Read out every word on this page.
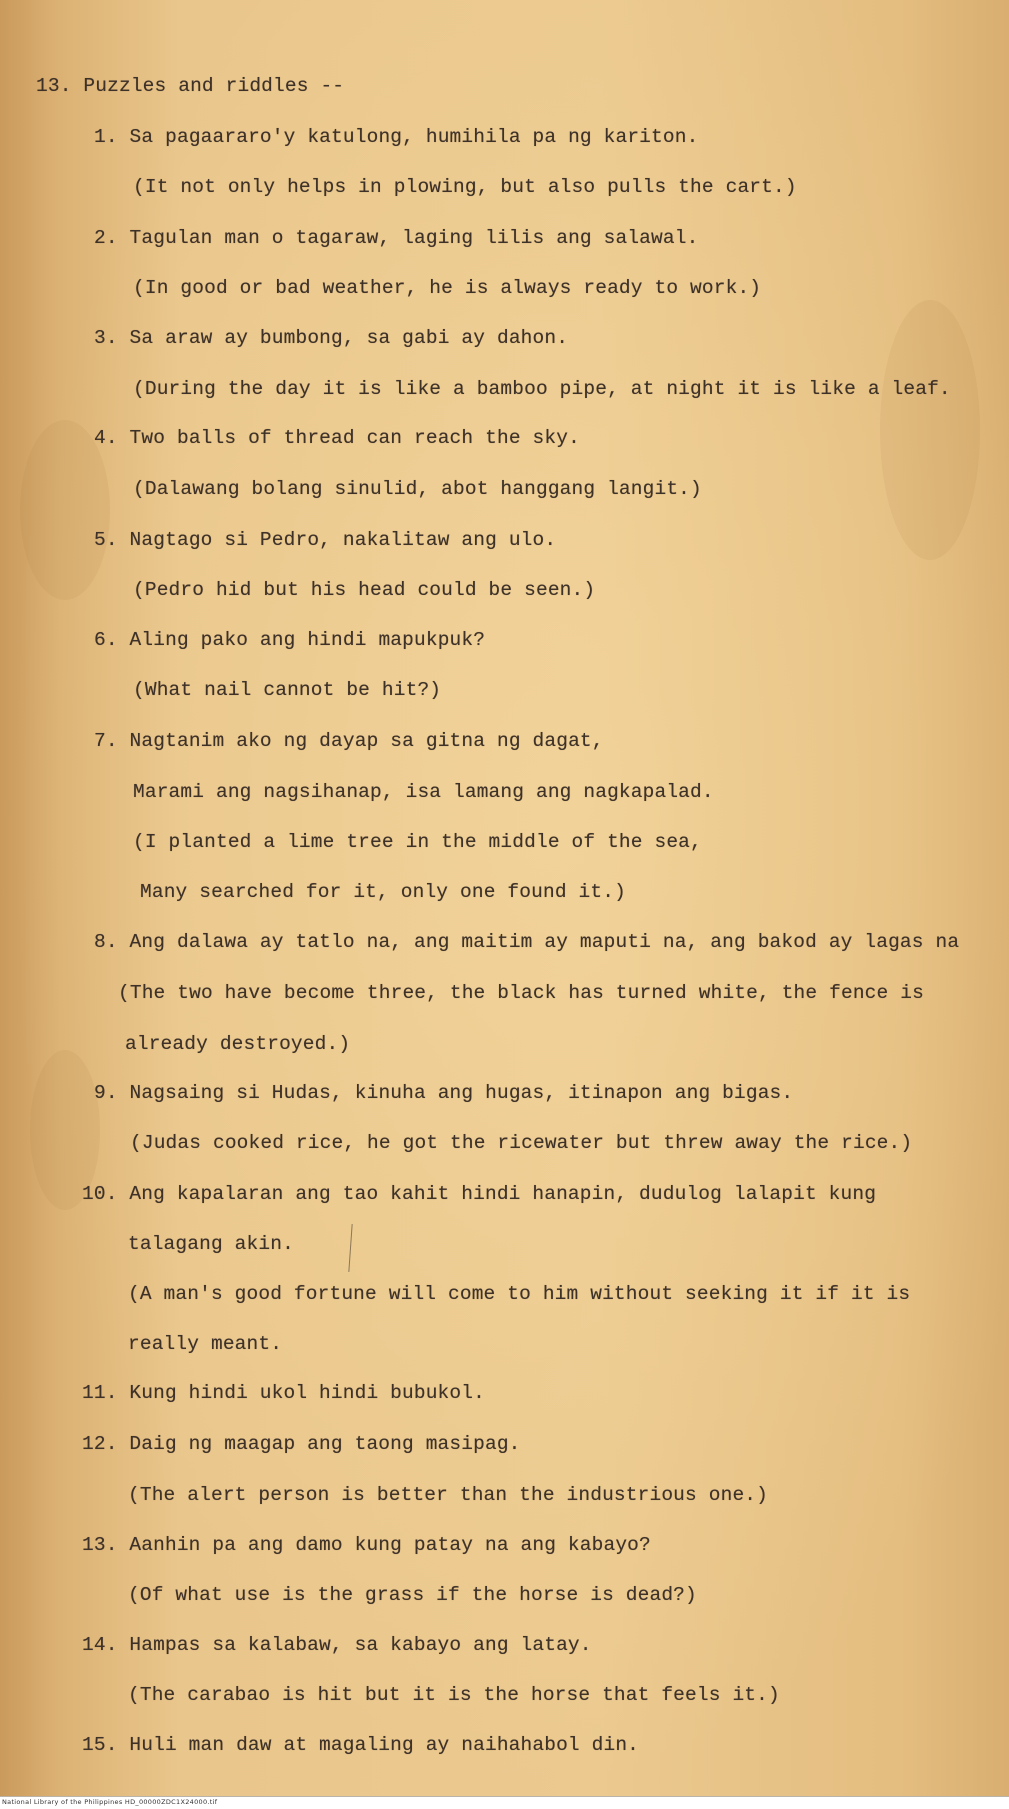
13. Puzzles and riddles --

1. Sa pagaararo'y katulong, humihila pa ng kariton.

(It not only helps in plowing, but also pulls the cart.)

2. Tagulan man o tagaraw, laging lilis ang salawal.

(In good or bad weather, he is always ready to work.)

3. Sa araw ay bumbong, sa gabi ay dahon.

(During the day it is like a bamboo pipe, at night it is like a leaf.

4. Two balls of thread can reach the sky.

(Dalawang bolang sinulid, abot hanggang langit.)

5. Nagtago si Pedro, nakalitaw ang ulo.

(Pedro hid but his head could be seen.)

6. Aling pako ang hindi mapukpuk?

(What nail cannot be hit?)

7. Nagtanim ako ng dayap sa gitna ng dagat,

Marami ang nagsihanap, isa lamang ang nagkapalad.

(I planted a lime tree in the middle of the sea,

Many searched for it, only one found it.)

8. Ang dalawa ay tatlo na, ang maitim ay maputi na, ang bakod ay lagas na

(The two have become three, the black has turned white, the fence is

already destroyed.)

9. Nagsaing si Hudas, kinuha ang hugas, itinapon ang bigas.

(Judas cooked rice, he got the ricewater but threw away the rice.)

10. Ang kapalaran ang tao kahit hindi hanapin, dudulog lalapit kung

talagang akin.

(A man's good fortune will come to him without seeking it if it is

really meant.

11. Kung hindi ukol hindi bubukol.

12. Daig ng maagap ang taong masipag.

(The alert person is better than the industrious one.)

13. Aanhin pa ang damo kung patay na ang kabayo?

(Of what use is the grass if the horse is dead?)

14. Hampas sa kalabaw, sa kabayo ang latay.

(The carabao is hit but it is the horse that feels it.)

15. Huli man daw at magaling ay naihahabol din.

National Library of the Philippines HD_00000ZDC1X24000.tif
